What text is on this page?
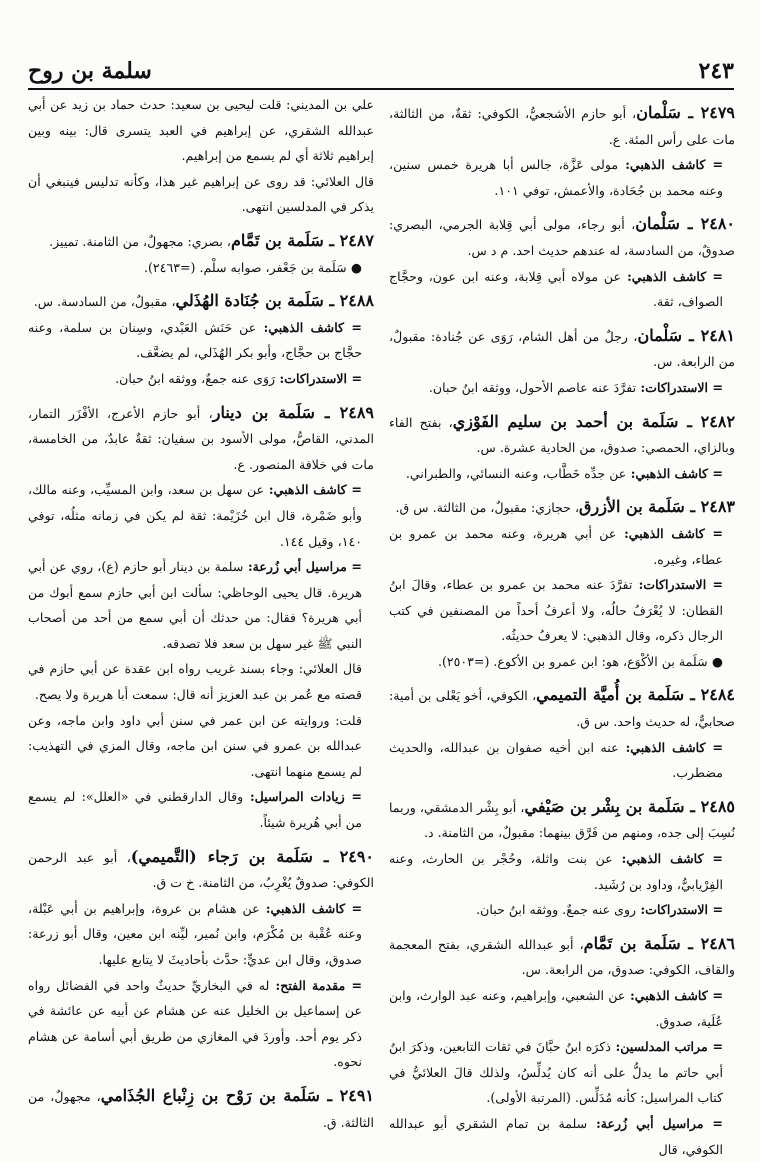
٢٤٣
سلمة بن روح

٢٤٧٩ ـ سَلْمان، أبو حازم الأشجعيُّ، الكوفي: ثقةٌ، من الثالثة، مات على رأس المئة. ع.

= كاشف الذهبي: مولى عَزَّة، جالس أبا هريرة خمس سنين، وعنه محمد بن جُحَادة، والأعمش، توفي ١٠١.

٢٤٨٠ ـ سَلْمان، أبو رجاء، مولى أبي قِلابة الجرمي، البصري: صدوقٌ، من السادسة، له عندهم حديث احد. م د س.

= كاشف الذهبي: عن مولاه أبي قِلابة، وعنه ابن عون، وحجَّاج الصواف، ثقة.

٢٤٨١ ـ سَلْمان، رجلٌ من أهل الشام، رَوَى عن جُنادة: مقبولٌ، من الرابعة. س.

= الاستدراكات: تفرَّدَ عنه عاصم الأحول، ووثقه ابنُ حبان.

٢٤٨٢ ـ سَلَمة بن أحمد بن سليم الفَوْزي، بفتح الفاء وبالزاي، الحمصي: صدوق، من الحادية عشرة. س.

= كاشف الذهبي: عن جدِّه خَطَّاب، وعنه النسائي، والطبراني.

٢٤٨٣ ـ سَلَمة بن الأزرق، حجازي: مقبولٌ، من الثالثة. س ق.

= كاشف الذهبي: عن أبي هريرة، وعنه محمد بن عمرو بن عطاء، وغيره.

= الاستدراكات: تفرَّدَ عنه محمد بن عمرو بن عطاء، وقالَ ابنُ القطان: لا يُعْرَفُ حالُه، ولا أعرفُ أحداً من المصنفين في كتب الرجال ذكره، وقال الذهبي: لا يعرفُ حديثُه.

● سَلَمة بن الأكْوَع، هو: ابن عمرو بن الأكوع. (=٢٥٠٣).

٢٤٨٤ ـ سَلَمة بن أُميَّة التميمي، الكوفي، أخو يَعْلى بن أمية: صحابيٌّ، له حديث واحد. س ق.

= كاشف الذهبي: عنه ابن أخيه صفوان بن عبدالله، والحديث مضطرب.

٢٤٨٥ ـ سَلَمة بن بِشْر بن صَيْفي، أبو بِشْر الدمشقي، وربما نُسِبَ إلى جده، ومنهم من فَرَّق بينهما: مقبولٌ، من الثامنة. د.

= كاشف الذهبي: عن بنت واثلة، وحُجْر بن الحارث، وعنه الفِرْيابيُّ، وداود بن رُشَيد.

= الاستدراكات: روى عنه جمعٌ. ووثقه ابنُ حبان.

٢٤٨٦ ـ سَلَمة بن تَمَّام، أبو عبدالله الشقري، بفتح المعجمة والقاف، الكوفي: صدوق، من الرابعة. س.

= كاشف الذهبي: عن الشعبي، وإبراهيم، وعنه عبد الوارث، وابن عُلَية، صدوق.

= مراتب المدلسين: ذكرَه ابنُ حبَّانَ في ثقات التابعين، وذكرَ ابنُ أبي حاتم ما يدلُّ على أنه كان يُدلِّسُ، ولذلك قالَ العلائيُّ في كتاب المراسيل: كأنه مُدَلِّس. (المرتبة الأولى).

= مراسيل أبي زُرعة: سلمة بن تمام الشقري أبو عبدالله الكوفي، قال

علي بن المديني: قلت ليحيى بن سعيد: حدث حماد بن زيد عن أبي عبدالله الشقري، عن إبراهيم في العبد يتسرى قال: بينه وبين إبراهيم ثلاثة أي لم يسمع من إبراهيم.

قال العلائي: قد روى عن إبراهيم غير هذا، وكأنه تدليس فينبغي أن يذكر في المدلسين انتهى.

٢٤٨٧ ـ سَلَمة بن تَمَّام، بصري: مجهولٌ، من الثامنة. تمييز.

● سَلَمة بن جَعْفر، صوابه سلْم. (=٢٤٦٣).

٢٤٨٨ ـ سَلَمة بن جُنَادة الهُذَلي، مقبولٌ، من السادسة. س.

= كاشف الذهبي: عن حَنَش العَبْدي، وسِنان بن سلمة، وعنه حجَّاج بن حجَّاج، وأبو بكر الهُذَلي، لم يضعَّف.

= الاستدراكات: رَوَى عنه جمعٌ، ووثقه ابنُ حبان.

٢٤٨٩ ـ سَلَمة بن دينار، أبو حازم الأعرج، الأفْزَر التمار، المدني، القاصُّ، مولى الأسود بن سفيان: ثقةٌ عابدٌ، من الخامسة، مات في خلافة المنصور. ع.

= كاشف الذهبي: عن سهل بن سعد، وابن المسيِّب، وعنه مالك، وأبو ضَمْرة، قال ابن خُزَيْمة: ثقة لم يكن في زمانه مثلُه، توفي ١٤٠، وقيل ١٤٤.

= مراسيل أبي زُرعة: سلمة بن دينار أبو حازم (ع)، روي عن أبي هريرة. قال يحيى الوحاظي: سألت ابن أبي حازم سمع أبوك من أبي هريرة؟ فقال: من حدثك أن أبي سمع من أحد من أصحاب النبي ﷺ غير سهل بن سعد فلا تصدقه.

قال العلائي: وجاء بسند غريب رواه ابن عقدة عن أبي حازم في قصته مع عُمر بن عبد العزيز أنه قال: سمعت أبا هريرة ولا يصح.

قلت: وروايته عن ابن عمر في سنن أبي داود وابن ماجه، وعن عبدالله بن عمرو في سنن ابن ماجه، وقال المزي في التهذيب: لم يسمع منهما انتهى.

= زيادات المراسيل: وقال الدارقطني في «العلل»: لم يسمع من أبي هُريرة شيئاً.

٢٤٩٠ ـ سَلَمة بن رَجاء (التَّميمي)، أبو عبد الرحمن الكوفي: صدوقٌ يُغْرِبُ، من الثامنة. خ ت ق.

= كاشف الذهبي: عن هشام بن عروة، وإبراهيم بن أبي عَبْلة، وعنه عُقْبة بن مُكْرَم، وابن نُمير، ليِّنه ابن معين، وقال أبو زرعة: صدوق، وقال ابن عديٍّ: حدَّث بأحاديثَ لا يتابع عليها.

= مقدمة الفتح: له في البخاريِّ حديثٌ واحد في الفضائل رواه عن إسماعيل بن الخليل عنه عن هشام عن أبيه عن عائشة في ذكر يوم أحد. وأوردَ في المغازي من طريق أبي أسامة عن هشام نحوه.

٢٤٩١ ـ سَلَمة بن رَوْح بن زِنْباع الجُذَامي، مجهولٌ، من الثالثة. ق.
